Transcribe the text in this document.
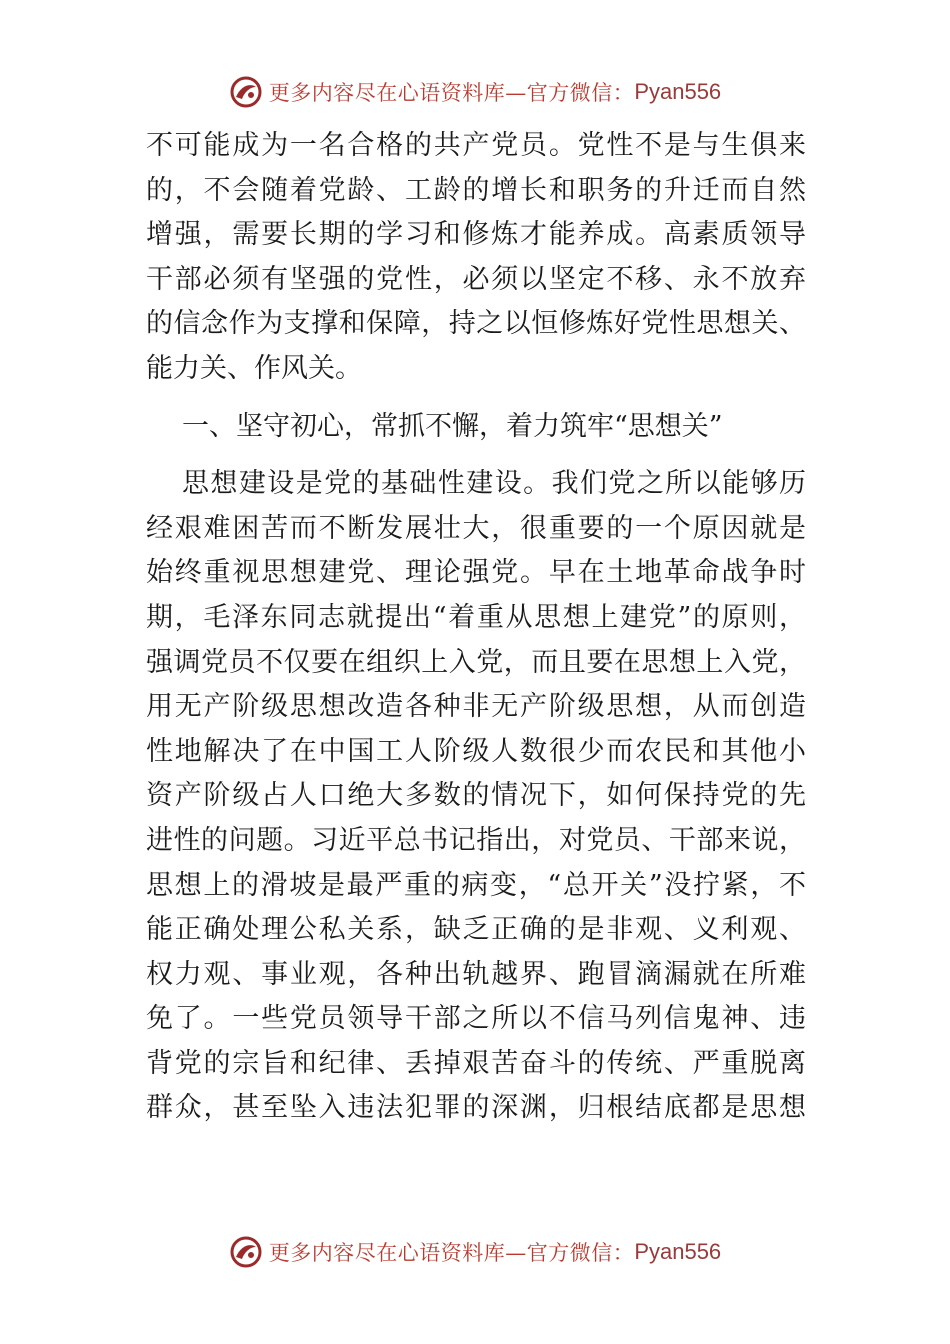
更多内容尽在心语资料库—官方微信： Pyan556
不可能成为一名合格的共产党员。党性不是与生俱来
的，不会随着党龄、工龄的增长和职务的升迁而自然
增强，需要长期的学习和修炼才能养成。高素质领导
干部必须有坚强的党性，必须以坚定不移、永不放弃
的信念作为支撑和保障，持之以恒修炼好党性思想关、
能力关、作风关。
一、坚守初心，常抓不懈，着力筑牢“思想关”
思想建设是党的基础性建设。我们党之所以能够历
经艰难困苦而不断发展壮大，很重要的一个原因就是
始终重视思想建党、理论强党。早在土地革命战争时
期，毛泽东同志就提出“着重从思想上建党”的原则，
强调党员不仅要在组织上入党，而且要在思想上入党，
用无产阶级思想改造各种非无产阶级思想，从而创造
性地解决了在中国工人阶级人数很少而农民和其他小
资产阶级占人口绝大多数的情况下，如何保持党的先
进性的问题。习近平总书记指出，对党员、干部来说，
思想上的滑坡是最严重的病变，“总开关”没拧紧，不
能正确处理公私关系，缺乏正确的是非观、义利观、
权力观、事业观，各种出轨越界、跑冒滴漏就在所难
免了。一些党员领导干部之所以不信马列信鬼神、违
背党的宗旨和纪律、丢掉艰苦奋斗的传统、严重脱离
群众，甚至坠入违法犯罪的深渊，归根结底都是思想
更多内容尽在心语资料库—官方微信： Pyan556
